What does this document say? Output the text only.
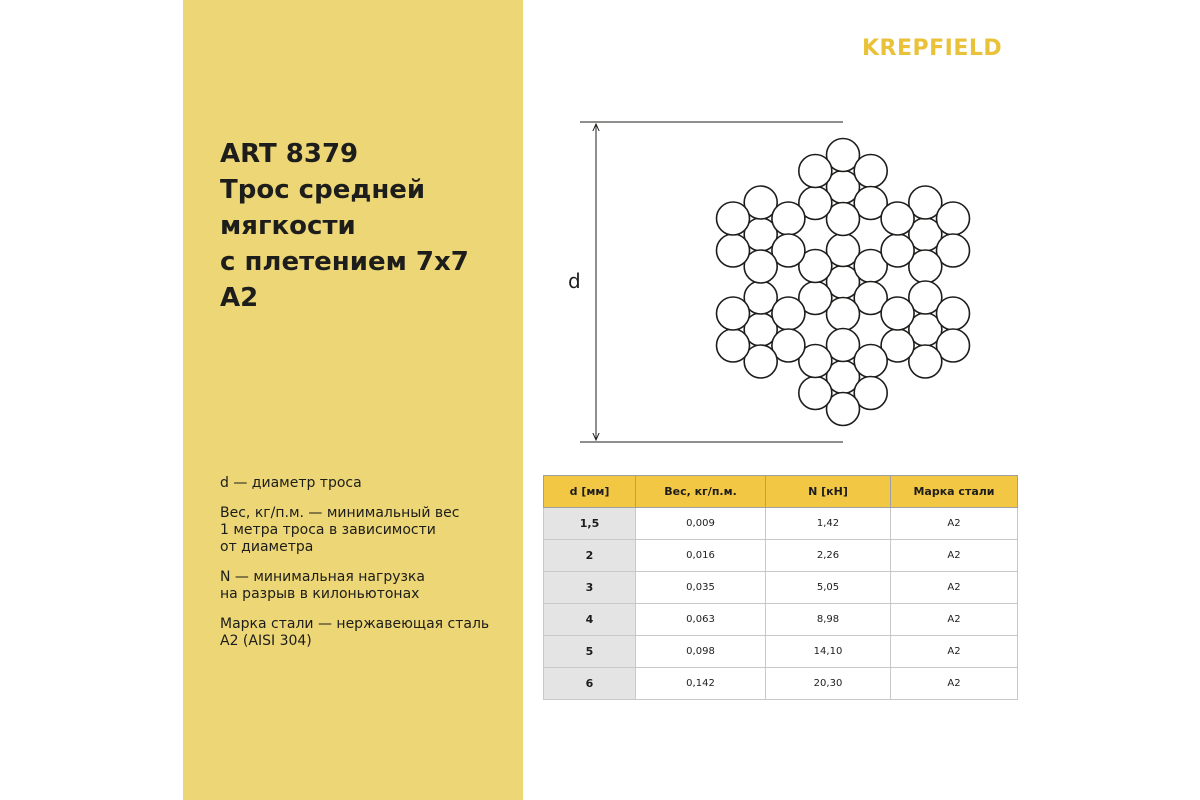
ART 8379
Трос средней
мягкости
с плетением 7х7
А2

d — диаметр троса

Вес, кг/п.м. — минимальный вес
1 метра троса в зависимости
от диаметра

N — минимальная нагрузка
на разрыв в килоньютонах

Марка стали — нержавеющая сталь
A2 (AISI 304)

KREPFIELD
d
d [мм]	Вес, кг/п.м.	N [кН]	Марка стали
1,5	0,009	1,42	А2
2	0,016	2,26	А2
3	0,035	5,05	А2
4	0,063	8,98	А2
5	0,098	14,10	А2
6	0,142	20,30	А2
